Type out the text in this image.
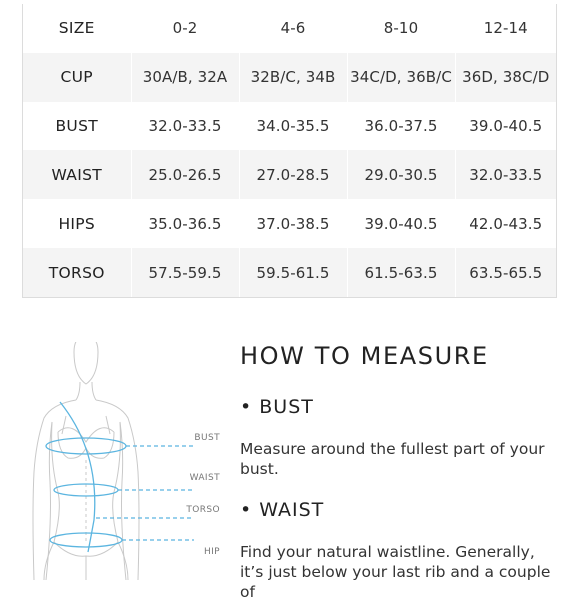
SIZE	0-2	4-6	8-10	12-14
CUP	30A/B, 32A	32B/C, 34B	34C/D, 36B/C	36D, 38C/D
BUST	32.0-33.5	34.0-35.5	36.0-37.5	39.0-40.5
WAIST	25.0-26.5	27.0-28.5	29.0-30.5	32.0-33.5
HIPS	35.0-36.5	37.0-38.5	39.0-40.5	42.0-43.5
TORSO	57.5-59.5	59.5-61.5	61.5-63.5	63.5-65.5
BUST
WAIST
TORSO
HIP
HOW TO MEASURE
• BUST
Measure around the fullest part of your bust.
• WAIST
Find your natural waistline. Generally, it’s just below your last rib and a couple of
